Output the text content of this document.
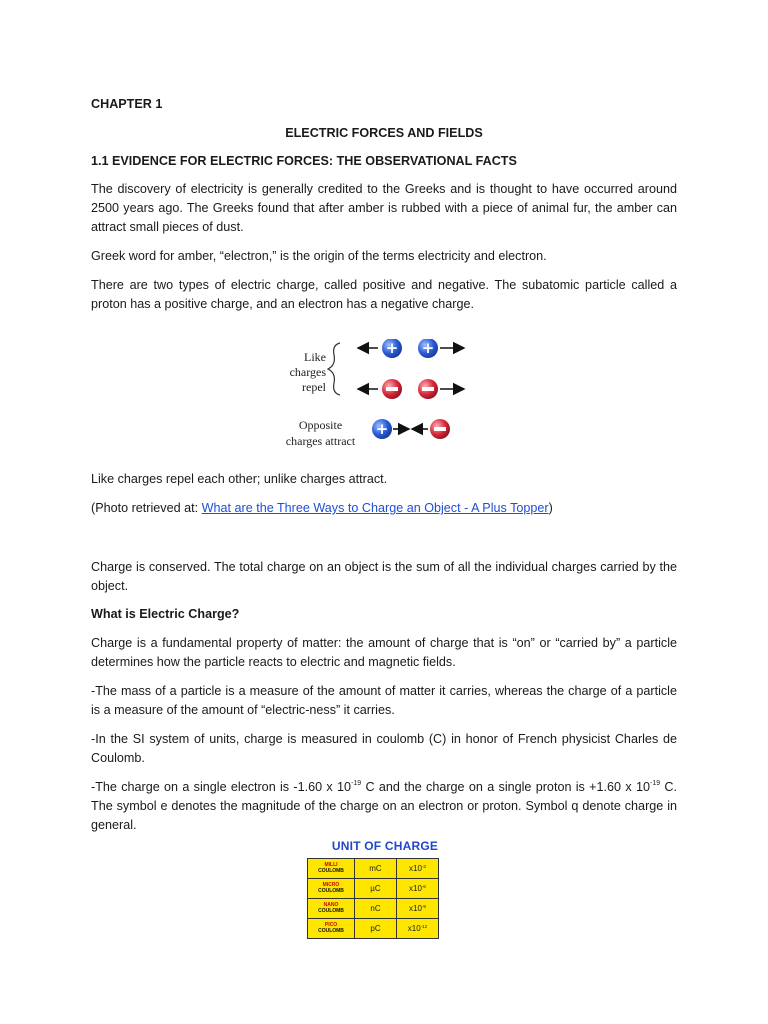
CHAPTER 1
ELECTRIC FORCES AND FIELDS
1.1 EVIDENCE FOR ELECTRIC FORCES: THE OBSERVATIONAL FACTS

The discovery of electricity is generally credited to the Greeks and is thought to have occurred around 2500 years ago. The Greeks found that after amber is rubbed with a piece of animal fur, the amber can attract small pieces of dust.

Greek word for amber, “electron,” is the origin of the terms electricity and electron.

There are two types of electric charge, called positive and negative. The subatomic particle called a proton has a positive charge, and an electron has a negative charge.

Like
charges
repel
Opposite
charges attract
+ +
+

Like charges repel each other; unlike charges attract.

(Photo retrieved at: What are the Three Ways to Charge an Object - A Plus Topper)

Charge is conserved. The total charge on an object is the sum of all the individual charges carried by the object.

What is Electric Charge?

Charge is a fundamental property of matter: the amount of charge that is “on” or “carried by” a particle determines how the particle reacts to electric and magnetic fields.

-The mass of a particle is a measure of the amount of matter it carries, whereas the charge of a particle is a measure of the amount of “electric-ness” it carries.

-In the SI system of units, charge is measured in coulomb (C) in honor of French physicist Charles de Coulomb.

-The charge on a single electron is -1.60 x $10^{-19}$ C and the charge on a single proton is +1.60 x $10^{-19}$ C. The symbol e denotes the magnitude of the charge on an electron or proton. Symbol q denote charge in general.

UNIT OF CHARGE
MILLI
COULOMB	mC	$x10^{-3}$

MICRO
COULOMB	µC	$x10^{-6}$

NANO
COULOMB	nC	$x10^{-9}$

PICO
COULOMB	pC	$x10^{-12}$
